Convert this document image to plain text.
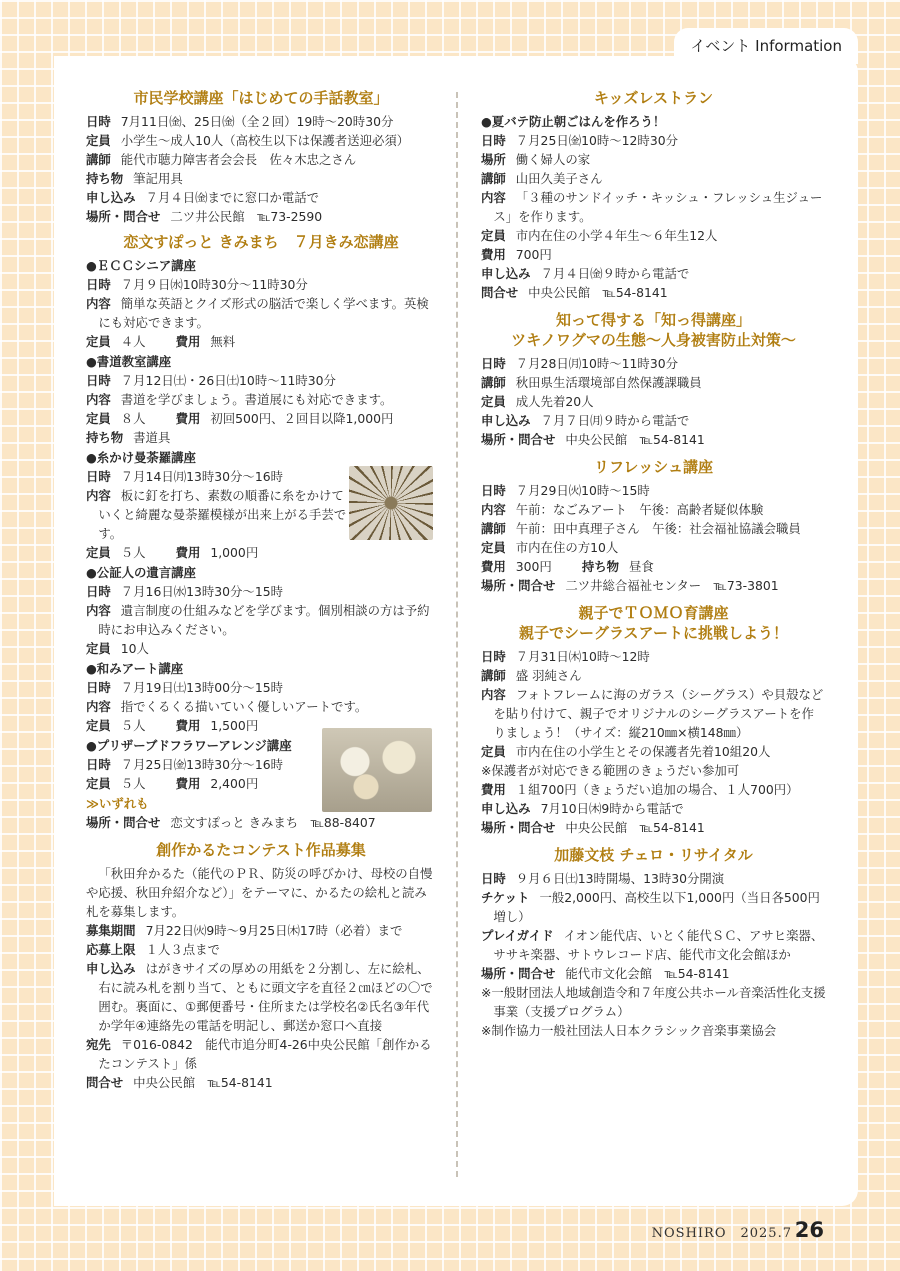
イベント Information
市民学校講座「はじめての手話教室」
日時 7月11日㈮、25日㈮（全２回）19時～20時30分
定員 小学生～成人10人（高校生以下は保護者送迎必須）
講師 能代市聴力障害者会会長　佐々木忠之さん
持ち物 筆記用具
申し込み ７月４日㈮までに窓口か電話で
場所・問合せ 二ツ井公民館　℡73-2590
恋文すぽっと きみまち　７月きみ恋講座
●ＥＣＣシニア講座
日時 ７月９日㈬10時30分～11時30分
内容 簡単な英語とクイズ形式の脳活で楽しく学べます。英検にも対応できます。
定員 ４人 費用 無料
●書道教室講座
日時 ７月12日㈯・26日㈯10時～11時30分
内容 書道を学びましょう。書道展にも対応できます。
定員 ８人 費用 初回500円、２回目以降1,000円
持ち物 書道具
●糸かけ曼荼羅講座
日時 ７月14日㈪13時30分～16時
内容 板に釘を打ち、素数の順番に糸をかけていくと綺麗な曼荼羅模様が出来上がる手芸です。
定員 ５人 費用 1,000円
●公証人の遺言講座
日時 ７月16日㈬13時30分～15時
内容 遺言制度の仕組みなどを学びます。個別相談の方は予約時にお申込みください。
定員 10人
●和みアート講座
日時 ７月19日㈯13時00分～15時
内容 指でくるくる描いていく優しいアートです。
定員 ５人 費用 1,500円
●プリザーブドフラワーアレンジ講座
日時 ７月25日㈮13時30分～16時
定員 ５人 費用 2,400円
≫いずれも
場所・問合せ 恋文すぽっと きみまち　℡88-8407
創作かるたコンテスト作品募集
「秋田弁かるた（能代のＰＲ、防災の呼びかけ、母校の自慢や応援、秋田弁紹介など）」をテーマに、かるたの絵札と読み札を募集します。
募集期間 7月22日㈫9時～9月25日㈭17時（必着）まで
応募上限 １人３点まで
申し込み はがきサイズの厚めの用紙を２分割し、左に絵札、右に読み札を割り当て、ともに頭文字を直径２㎝ほどの〇で囲む。裏面に、①郵便番号・住所または学校名②氏名③年代か学年④連絡先の電話を明記し、郵送か窓口へ直接
宛先 〒016-0842　能代市追分町4-26中央公民館「創作かるたコンテスト」係
問合せ 中央公民館　℡54-8141
キッズレストラン
●夏バテ防止朝ごはんを作ろう！
日時 ７月25日㈮10時～12時30分
場所 働く婦人の家
講師 山田久美子さん
内容 「３種のサンドイッチ・キッシュ・フレッシュ生ジュース」を作ります。
定員 市内在住の小学４年生～６年生12人
費用 700円
申し込み ７月４日㈮９時から電話で
問合せ 中央公民館　℡54-8141
知って得する「知っ得講座」
ツキノワグマの生態～人身被害防止対策～
日時 ７月28日㈪10時～11時30分
講師 秋田県生活環境部自然保護課職員
定員 成人先着20人
申し込み ７月７日㈪９時から電話で
場所・問合せ 中央公民館　℡54-8141
リフレッシュ講座
日時 ７月29日㈫10時～15時
内容 午前：なごみアート　午後：高齢者疑似体験
講師 午前：田中真理子さん　午後：社会福祉協議会職員
定員 市内在住の方10人
費用 300円 持ち物 昼食
場所・問合せ 二ツ井総合福祉センター　℡73-3801
親子でＴＯＭＯ育講座
親子でシーグラスアートに挑戦しよう！
日時 ７月31日㈭10時～12時
講師 盛 羽純さん
内容 フォトフレームに海のガラス（シーグラス）や貝殻などを貼り付けて、親子でオリジナルのシーグラスアートを作りましょう！（サイズ：縦210㎜×横148㎜）
定員 市内在住の小学生とその保護者先着10組20人
※保護者が対応できる範囲のきょうだい参加可
費用 １組700円（きょうだい追加の場合、１人700円）
申し込み 7月10日㈭9時から電話で
場所・問合せ 中央公民館　℡54-8141
加藤文枝 チェロ・リサイタル
日時 ９月６日㈯13時開場、13時30分開演
チケット 一般2,000円、高校生以下1,000円（当日各500円増し）
プレイガイド イオン能代店、いとく能代ＳＣ、アサヒ楽器、ササキ楽器、サトウレコード店、能代市文化会館ほか
場所・問合せ 能代市文化会館　℡54-8141
※一般財団法人地域創造令和７年度公共ホール音楽活性化支援事業（支援プログラム）
※制作協力一般社団法人日本クラシック音楽事業協会
NOSHIRO　2025.7 26
